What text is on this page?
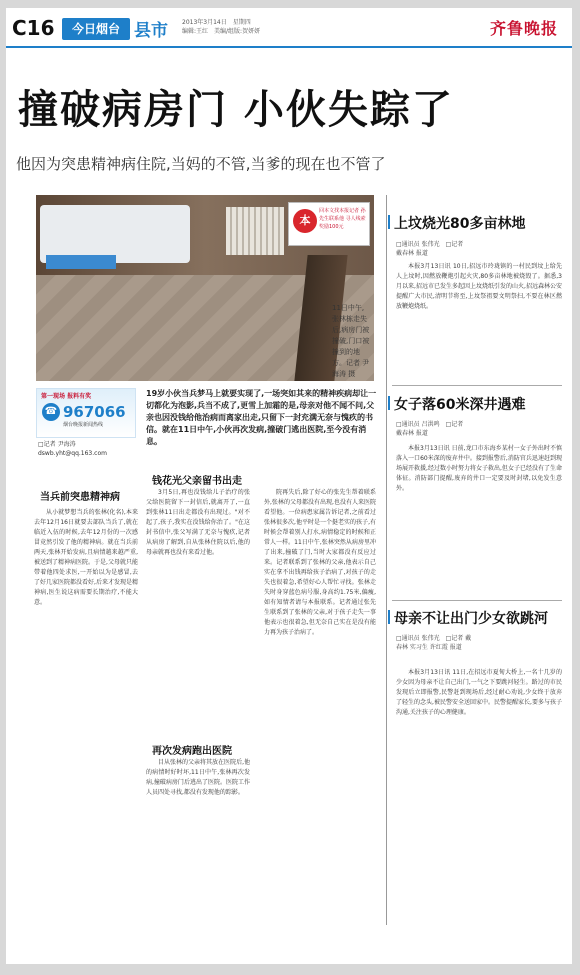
C16	今日烟台 县市 2013年3月14日　星期四
编辑:王红　美编/组版:贺妍妍	齐鲁晚报
撞破病房门 小伙失踪了
他因为突患精神病住院,当妈的不管,当爹的现在也不管了
本
回本文找本报记者 孙先生联系他 寻人线索奖励100元
11日中午,张林栋走失后,病房门被撞破,门口被撞到的地方。记者 尹海涛 摄
第一现场 报料有奖
☎ 967066
烟台晚报新闻热线
□记者 尹海涛 dswb.yht@qq.163.com
19岁小伙当兵梦马上就要实现了,一场突如其来的精神疾病却让一切都化为泡影,兵当不成了,更雪上加霜的是,母亲对他不闻不问,父亲也因没钱给他治病而离家出走,只留下一封充满无奈与愧疚的书信。就在11日中午,小伙再次发病,撞破门逃出医院,至今没有消息。
当兵前突患精神病

从小就梦想当兵的张林(化名),本来去年12月16日就要去部队当兵了,就在临近入伍的时候,去年12月份的一次感冒竟然引发了他的精神病。就在当兵前两天,张林开始发病,且病情越来越严重,被送到了精神病医院。于是,父母就只能带着他四处求医,一开始以为是感冒,去了好几家医院都没看好,后来才发现是精神病,医生说这病需要长期治疗,不能大意。

钱花光父亲留书出走

3月5日,再也没钱给儿子治疗的张父给医院留下一封信后,就离开了,一直到张林11日出走都没有出现过。"对不起了,孩子,我实在没钱给你治了。"在这封书信中,张父写满了无奈与愧疚,记者从病房了解到,自从张林住院以后,他的母亲就再也没有来看过他。

再次发病跑出医院

目从张林的父亲将其放在医院后,他的病情时好时坏,11日中午,张林再次发病,撞破病房门后逃出了医院。医院工作人员四处寻找,都没有发现他的踪影。

院再失后,除了好心的张先生帮着联系外,张林的父母都没有出现,也没有人来医院看望他。一位病患家属告诉记者,之前看过张林很多次,他平时是一个挺老实的孩子,有时候会帮着别人打水,病情稳定的时候和正常人一样。11日中午,张林突然从病房里冲了出来,撞破了门,当时大家都没有反应过来。记者联系到了张林的父亲,他表示自己实在拿不出钱再给孩子治病了,对孩子的走失也很着急,希望好心人帮忙寻找。张林走失时身穿蓝色病号服,身高约1.75米,偏瘦,如有知情者请与本报联系。记者通过张先生联系到了张林的父亲,对于孩子走失一事他表示也很着急,但无奈自己实在是没有能力再为孩子治病了。

上坟烧光80多亩林地
□通讯员 张伟光　□记者 戴春林 报道

本报3月13日讯 10日,招远市玲珑镇的一村民到坟上给先人上坟时,因燃放鞭炮引起火灾,80多亩林地被烧毁了。据悉,3月以来,招远市已发生多起因上坟烧纸引发的山火,招远森林公安提醒广大市民,清明节将至,上坟祭祖要文明祭扫,不要在林区燃放鞭炮烧纸。

女子落60米深井遇难
□通讯员 吕洪鸣　□记者 戴春林 报道

本报3月13日讯 日前,龙口市东海乡某村一女子外出时不慎落入一口60米深的废弃井中。接到报警后,消防官兵迅速赶到现场展开救援,经过数小时努力将女子救出,但女子已经没有了生命体征。消防部门提醒,废弃的井口一定要及时封堵,以免发生意外。

母亲不让出门少女欲跳河
□通讯员 张伟光　□记者 戴春林 实习生 许红霞 报道

本报3月13日讯 11日,在招远市夏甸大桥上,一名十几岁的少女因为母亲不让自己出门,一气之下要跳河轻生。路过的市民发现后立即报警,民警赶到现场后,经过耐心劝说,少女终于放弃了轻生的念头,被民警安全送回家中。民警提醒家长,要多与孩子沟通,关注孩子的心理健康。
